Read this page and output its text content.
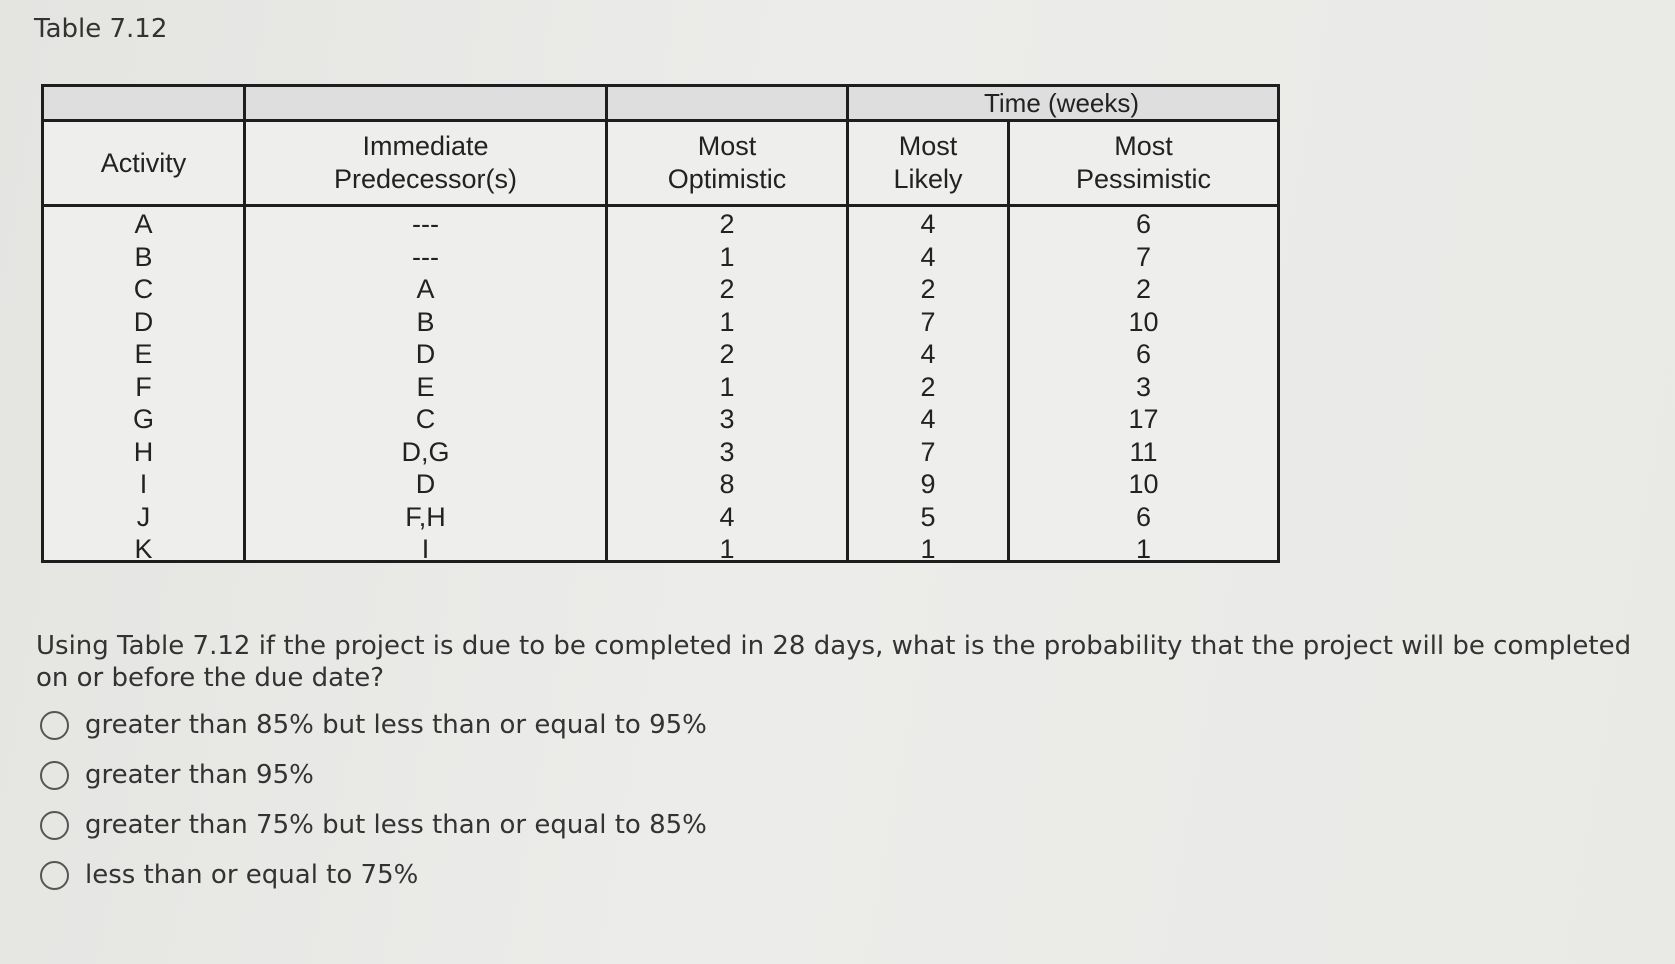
Table 7.12
Time (weeks)
Activity
Immediate
Predecessor(s)
Most
Optimistic
Most
Likely
Most
Pessimistic
A
B
C
D
E
F
G
H
I
J
K
---
---
A
B
D
E
C
D,G
D
F,H
I
2
1
2
1
2
1
3
3
8
4
1
4
4
2
7
4
2
4
7
9
5
1
6
7
2
10
6
3
17
11
10
6
1
Using Table 7.12 if the project is due to be completed in 28 days, what is the probability that the project will be completed on or before the due date?
greater than 85% but less than or equal to 95%
greater than 95%
greater than 75% but less than or equal to 85%
less than or equal to 75%
